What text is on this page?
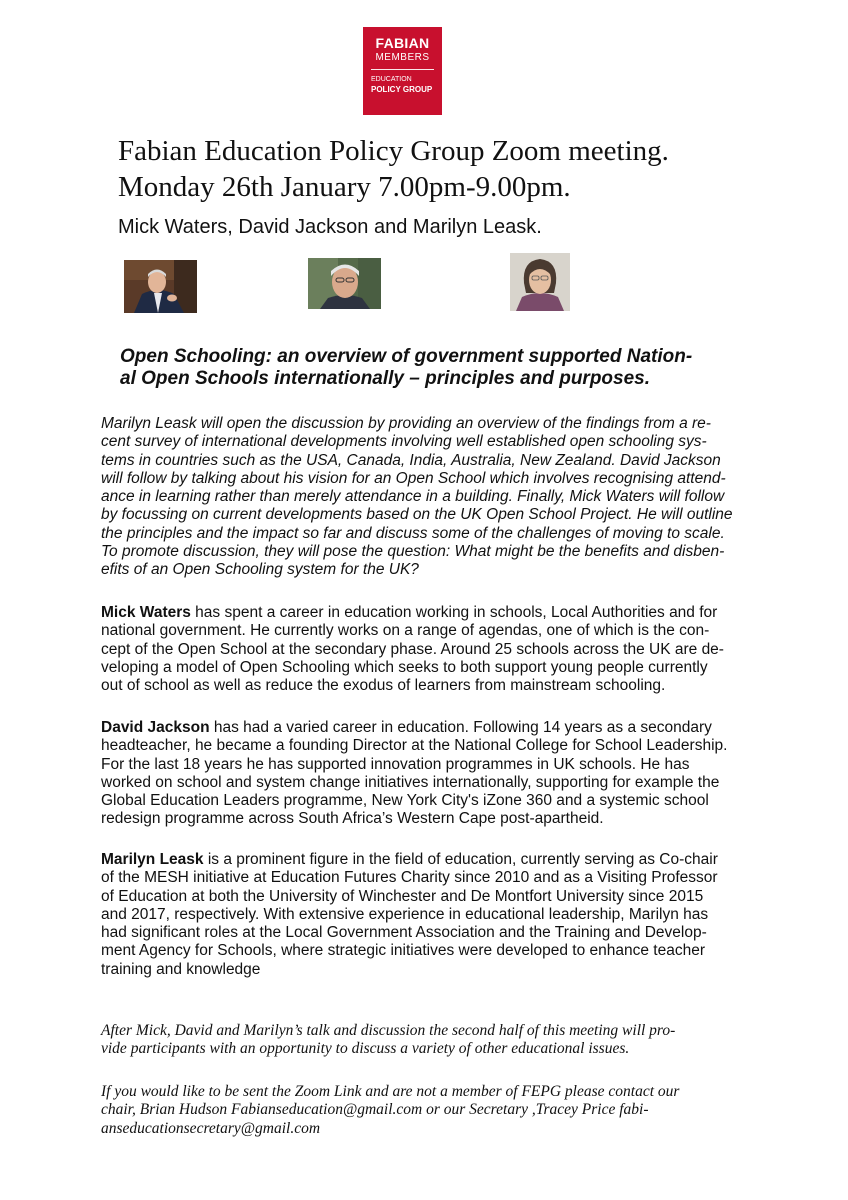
FABIAN
MEMBERS
EDUCATION
POLICY GROUP
Fabian Education Policy Group Zoom meeting.
Monday 26th January 7.00pm-9.00pm.
Mick Waters, David Jackson and Marilyn Leask.
Open Schooling: an overview of government supported Nation-
al Open Schools internationally – principles and purposes.
Marilyn Leask will open the discussion by providing an overview of the findings from a re-
cent survey of international developments involving well established open schooling sys-
tems in countries such as the USA, Canada, India, Australia, New Zealand. David Jackson
will follow by talking about his vision for an Open School which involves recognising attend-
ance in learning rather than merely attendance in a building. Finally, Mick Waters will follow
by focussing on current developments based on the UK Open School Project. He will outline
the principles and the impact so far and discuss some of the challenges of moving to scale.
To promote discussion, they will pose the question: What might be the benefits and disben-
efits of an Open Schooling system for the UK?
Mick Waters has spent a career in education working in schools, Local Authorities and for
national government. He currently works on a range of agendas, one of which is the con-
cept of the Open School at the secondary phase. Around 25 schools across the UK are de-
veloping a model of Open Schooling which seeks to both support young people currently
out of school as well as reduce the exodus of learners from mainstream schooling.
David Jackson has had a varied career in education. Following 14 years as a secondary
headteacher, he became a founding Director at the National College for School Leadership.
For the last 18 years he has supported innovation programmes in UK schools. He has
worked on school and system change initiatives internationally, supporting for example the
Global Education Leaders programme, New York City's iZone 360 and a systemic school
redesign programme across South Africa’s Western Cape post-apartheid.
Marilyn Leask is a prominent figure in the field of education, currently serving as Co-chair
of the MESH initiative at Education Futures Charity since 2010 and as a Visiting Professor
of Education at both the University of Winchester and De Montfort University since 2015
and 2017, respectively. With extensive experience in educational leadership, Marilyn has
had significant roles at the Local Government Association and the Training and Develop-
ment Agency for Schools, where strategic initiatives were developed to enhance teacher
training and knowledge
After Mick, David and Marilyn’s talk and discussion the second half of this meeting will pro-
vide participants with an opportunity to discuss a variety of other educational issues.
If you would like to be sent the Zoom Link and are not a member of FEPG please contact our
chair, Brian Hudson Fabianseducation@gmail.com or our Secretary ,Tracey Price fabi-
anseducationsecretary@gmail.com
